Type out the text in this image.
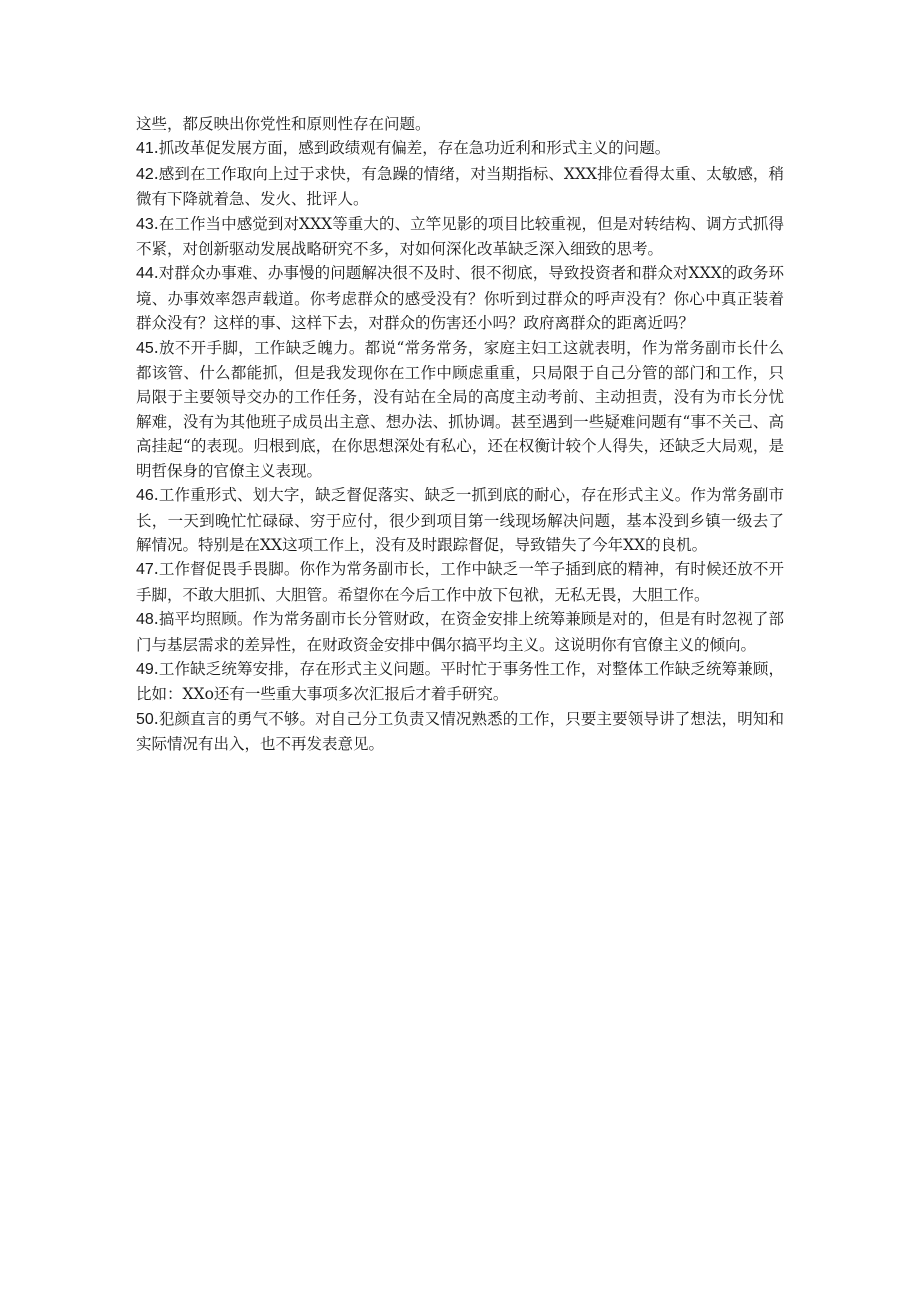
这些，都反映出你党性和原则性存在问题。

41.抓改革促发展方面，感到政绩观有偏差，存在急功近利和形式主义的问题。

42.感到在工作取向上过于求快，有急躁的情绪，对当期指标、XXX排位看得太重、太敏感，稍微有下降就着急、发火、批评人。

43.在工作当中感觉到对XXX等重大的、立竿见影的项目比较重视，但是对转结构、调方式抓得不紧，对创新驱动发展战略研究不多，对如何深化改革缺乏深入细致的思考。

44.对群众办事难、办事慢的问题解决很不及时、很不彻底，导致投资者和群众对XXX的政务环境、办事效率怨声载道。你考虑群众的感受没有？你听到过群众的呼声没有？你心中真正装着群众没有？这样的事、这样下去，对群众的伤害还小吗？政府离群众的距离近吗？

45.放不开手脚，工作缺乏魄力。都说“常务常务，家庭主妇工这就表明，作为常务副市长什么都该管、什么都能抓，但是我发现你在工作中顾虑重重，只局限于自己分管的部门和工作，只局限于主要领导交办的工作任务，没有站在全局的高度主动考前、主动担责，没有为市长分忧解难，没有为其他班子成员出主意、想办法、抓协调。甚至遇到一些疑难问题有“事不关己、高高挂起“的表现。归根到底，在你思想深处有私心，还在权衡计较个人得失，还缺乏大局观，是明哲保身的官僚主义表现。

46.工作重形式、划大字，缺乏督促落实、缺乏一抓到底的耐心，存在形式主义。作为常务副市长，一天到晚忙忙碌碌、穷于应付，很少到项目第一线现场解决问题，基本没到乡镇一级去了解情况。特别是在XX这项工作上，没有及时跟踪督促，导致错失了今年XX的良机。

47.工作督促畏手畏脚。你作为常务副市长，工作中缺乏一竿子插到底的精神，有时候还放不开手脚，不敢大胆抓、大胆管。希望你在今后工作中放下包袱，无私无畏，大胆工作。

48.搞平均照顾。作为常务副市长分管财政，在资金安排上统筹兼顾是对的，但是有时忽视了部门与基层需求的差异性，在财政资金安排中偶尔搞平均主义。这说明你有官僚主义的倾向。

49.工作缺乏统筹安排，存在形式主义问题。平时忙于事务性工作，对整体工作缺乏统筹兼顾，比如：XXo还有一些重大事项多次汇报后才着手研究。

50.犯颜直言的勇气不够。对自己分工负责又情况熟悉的工作，只要主要领导讲了想法，明知和实际情况有出入，也不再发表意见。
